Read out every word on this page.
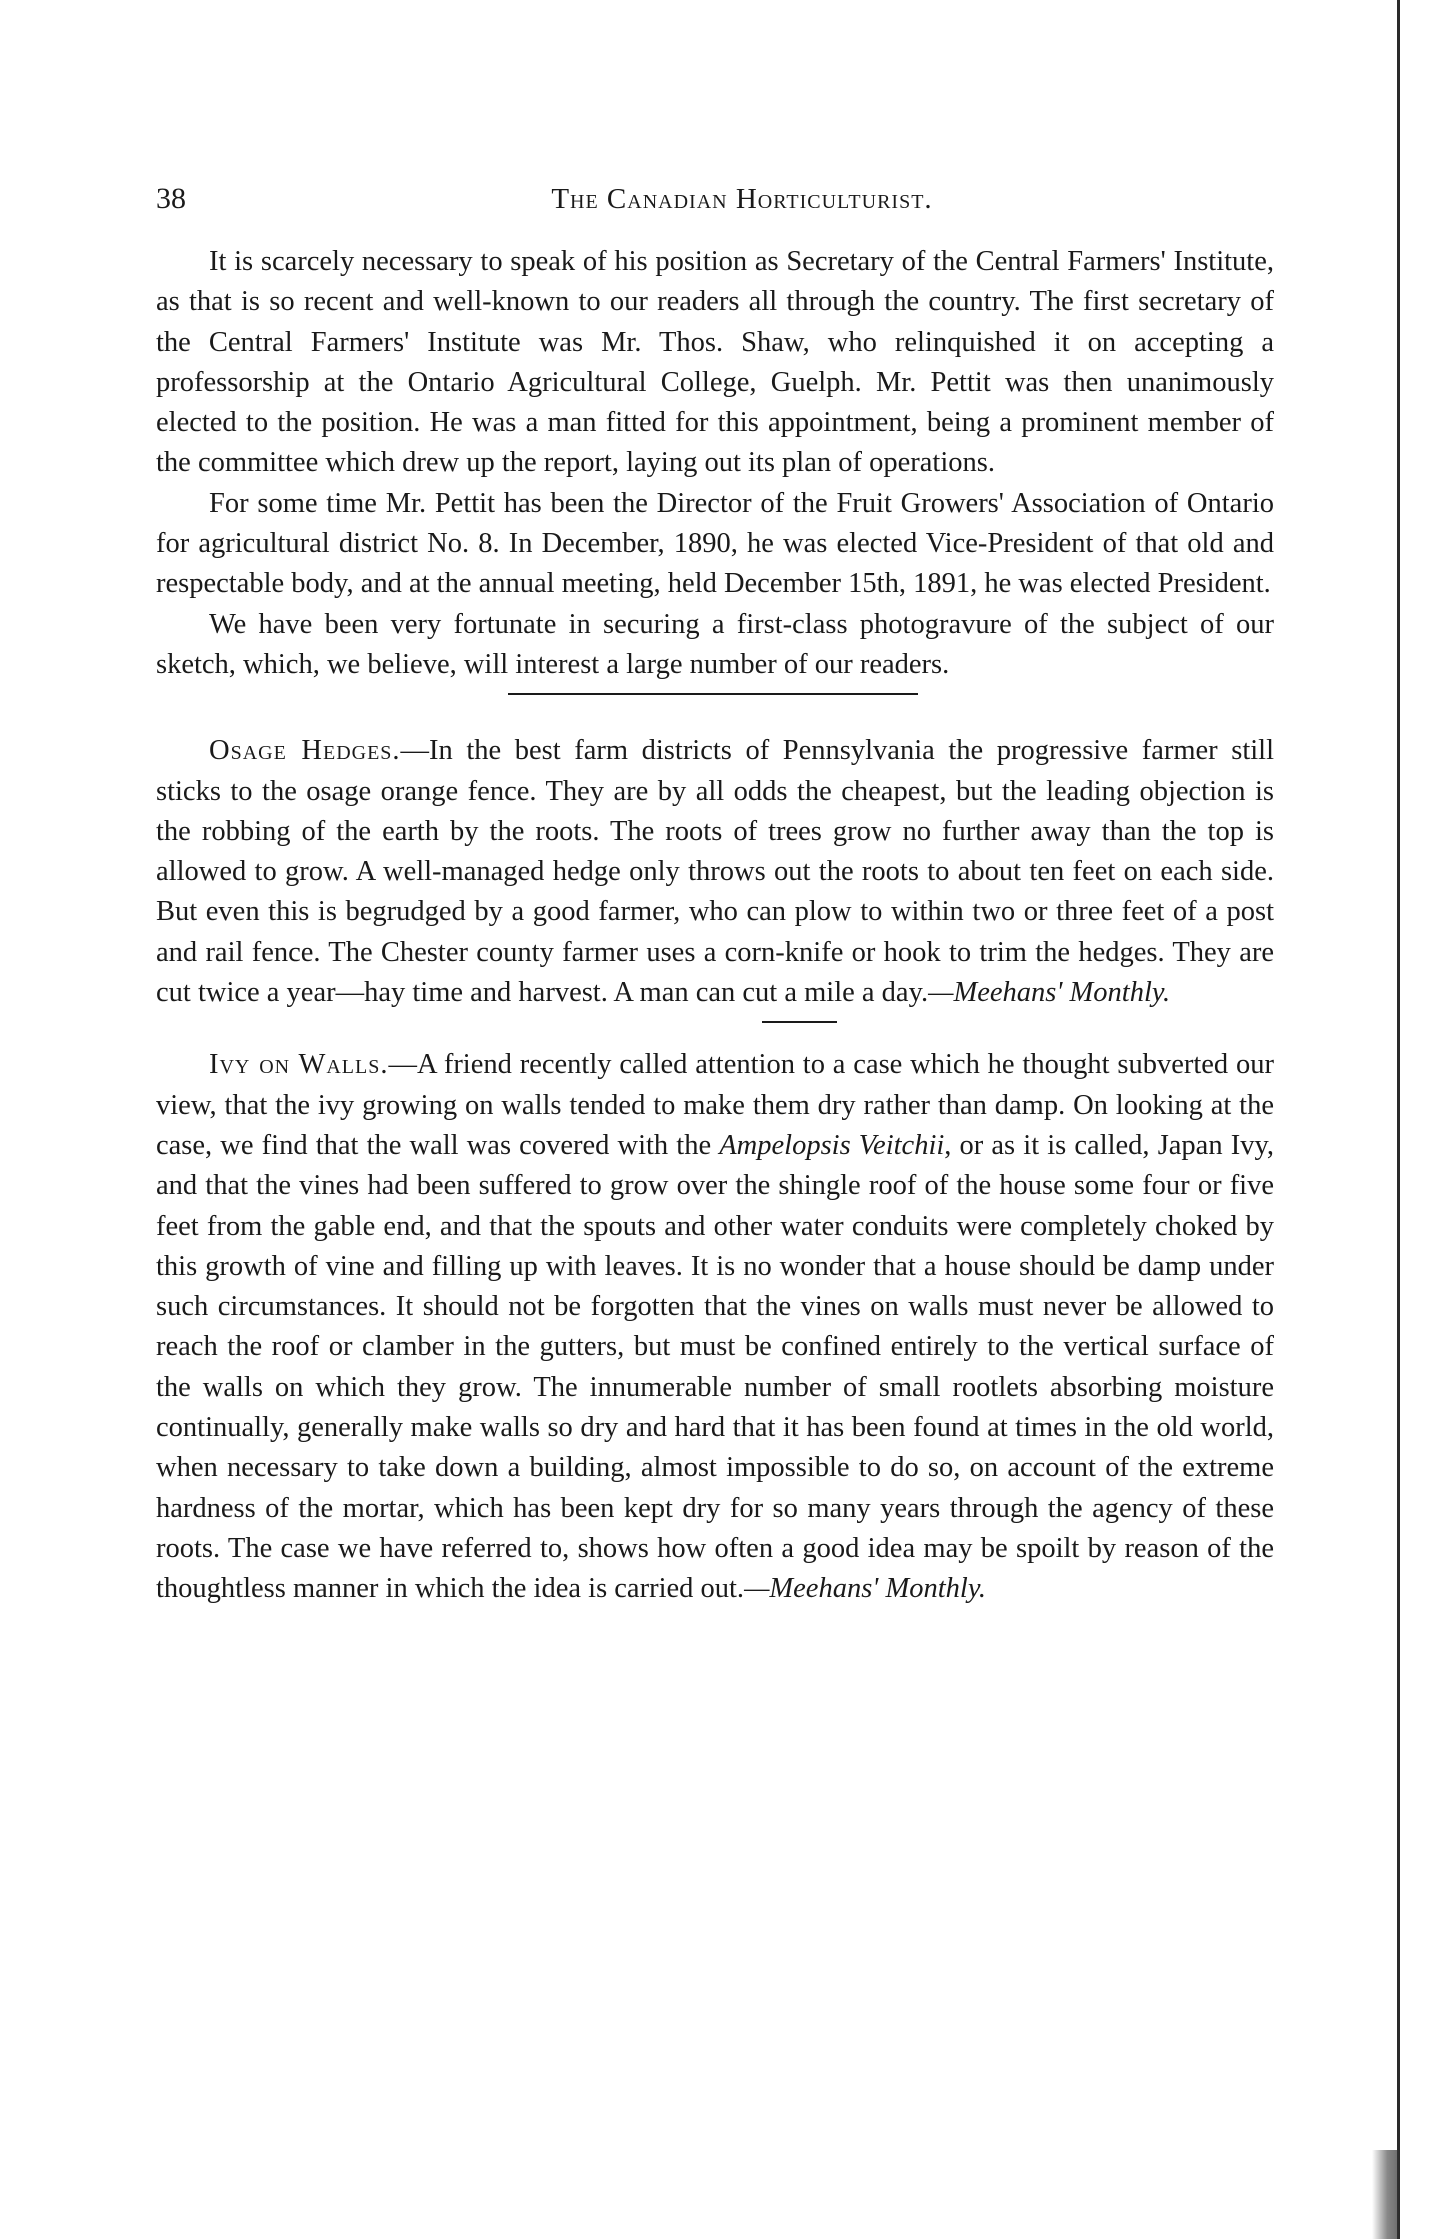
38	The Canadian Horticulturist.

It is scarcely necessary to speak of his position as Secretary of the Central Farmers' Institute, as that is so recent and well-known to our readers all through the country. The first secretary of the Central Farmers' Institute was Mr. Thos. Shaw, who relinquished it on accepting a professorship at the Ontario Agricultural College, Guelph. Mr. Pettit was then unanimously elected to the position. He was a man fitted for this appointment, being a prominent member of the committee which drew up the report, laying out its plan of operations.

For some time Mr. Pettit has been the Director of the Fruit Growers' Association of Ontario for agricultural district No. 8. In December, 1890, he was elected Vice-President of that old and respectable body, and at the annual meeting, held December 15th, 1891, he was elected President.

We have been very fortunate in securing a first-class photogravure of the subject of our sketch, which, we believe, will interest a large number of our readers.

Osage Hedges.—In the best farm districts of Pennsylvania the progressive farmer still sticks to the osage orange fence. They are by all odds the cheapest, but the leading objection is the robbing of the earth by the roots. The roots of trees grow no further away than the top is allowed to grow. A well-managed hedge only throws out the roots to about ten feet on each side. But even this is begrudged by a good farmer, who can plow to within two or three feet of a post and rail fence. The Chester county farmer uses a corn-knife or hook to trim the hedges. They are cut twice a year—hay time and harvest. A man can cut a mile a day.—Meehans' Monthly.

Ivy on Walls.—A friend recently called attention to a case which he thought subverted our view, that the ivy growing on walls tended to make them dry rather than damp. On looking at the case, we find that the wall was covered with the Ampelopsis Veitchii, or as it is called, Japan Ivy, and that the vines had been suffered to grow over the shingle roof of the house some four or five feet from the gable end, and that the spouts and other water conduits were completely choked by this growth of vine and filling up with leaves. It is no wonder that a house should be damp under such circumstances. It should not be forgotten that the vines on walls must never be allowed to reach the roof or clamber in the gutters, but must be confined entirely to the vertical surface of the walls on which they grow. The innumerable number of small rootlets absorbing moisture continually, generally make walls so dry and hard that it has been found at times in the old world, when necessary to take down a building, almost impossible to do so, on account of the extreme hardness of the mortar, which has been kept dry for so many years through the agency of these roots. The case we have referred to, shows how often a good idea may be spoilt by reason of the thoughtless manner in which the idea is carried out.—Meehans' Monthly.
